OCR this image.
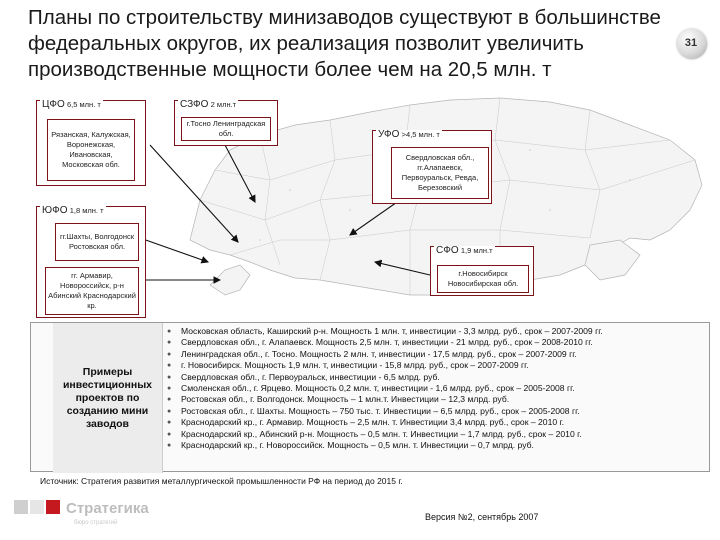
Планы по строительству минизаводов существуют в большинстве федеральных округов, их реализация позволит увеличить производственные мощности более чем на 20,5 млн. т
31
ЦФО 6,5 млн. т
Рязанская, Калужская, Воронежская, Ивановская, Московская обл.
СЗФО 2 млн.т
г.Тосно Ленинградская обл.	УФО >4,5 млн. т
Свердловская обл., гг.Алапаевск, Первоуральск, Ревда, Березовский
ЮФО 1,8 млн. т
гг.Шахты, Волгодонск Ростовская обл.
гг. Армавир, Новороссийск, р-н Абинский Краснодарский кр.
СФО 1,9 млн.т
г.Новосибирск Новосибирская обл.
Примеры инвестиционных проектов по созданию мини заводов
● Московская область, Каширский р-н. Мощность 1 млн. т, инвестиции - 3,3 млрд. руб., срок – 2007-2009 гг.
● Свердловская обл., г. Алапаевск. Мощность 2,5 млн. т, инвестиции - 21 млрд. руб., срок – 2008-2010 гг.
● Ленинградская обл., г. Тосно. Мощность 2 млн. т, инвестиции - 17,5 млрд. руб., срок – 2007-2009 гг.
● г. Новосибирск. Мощность 1,9 млн. т, инвестиции - 15,8 млрд. руб., срок – 2007-2009 гг.
● Свердловская обл., г. Первоуральск, инвестиции - 6,5 млрд. руб.
● Смоленская обл., г. Ярцево. Мощность 0,2 млн. т, инвестиции - 1,6 млрд. руб., срок – 2005-2008 гг.
● Ростовская обл., г. Волгодонск. Мощность – 1 млн.т. Инвестиции – 12,3 млрд. руб.
● Ростовская обл., г. Шахты. Мощность – 750 тыс. т. Инвестиции – 6,5 млрд. руб., срок – 2005-2008 гг.
● Краснодарский кр., г. Армавир. Мощность – 2,5 млн. т. Инвестиции 3,4 млрд. руб., срок – 2010 г.
● Краснодарский кр., Абинский р-н. Мощность – 0,5 млн. т. Инвестиции – 1,7 млрд. руб., срок – 2010 г.
● Краснодарский кр., г. Новороссийск. Мощность – 0,5 млн. т. Инвестиции – 0,7 млрд. руб.
Источник: Стратегия развития металлургической промышленности РФ на период до 2015 г.
Стратегика
бюро стратегий
Версия №2, сентябрь 2007
